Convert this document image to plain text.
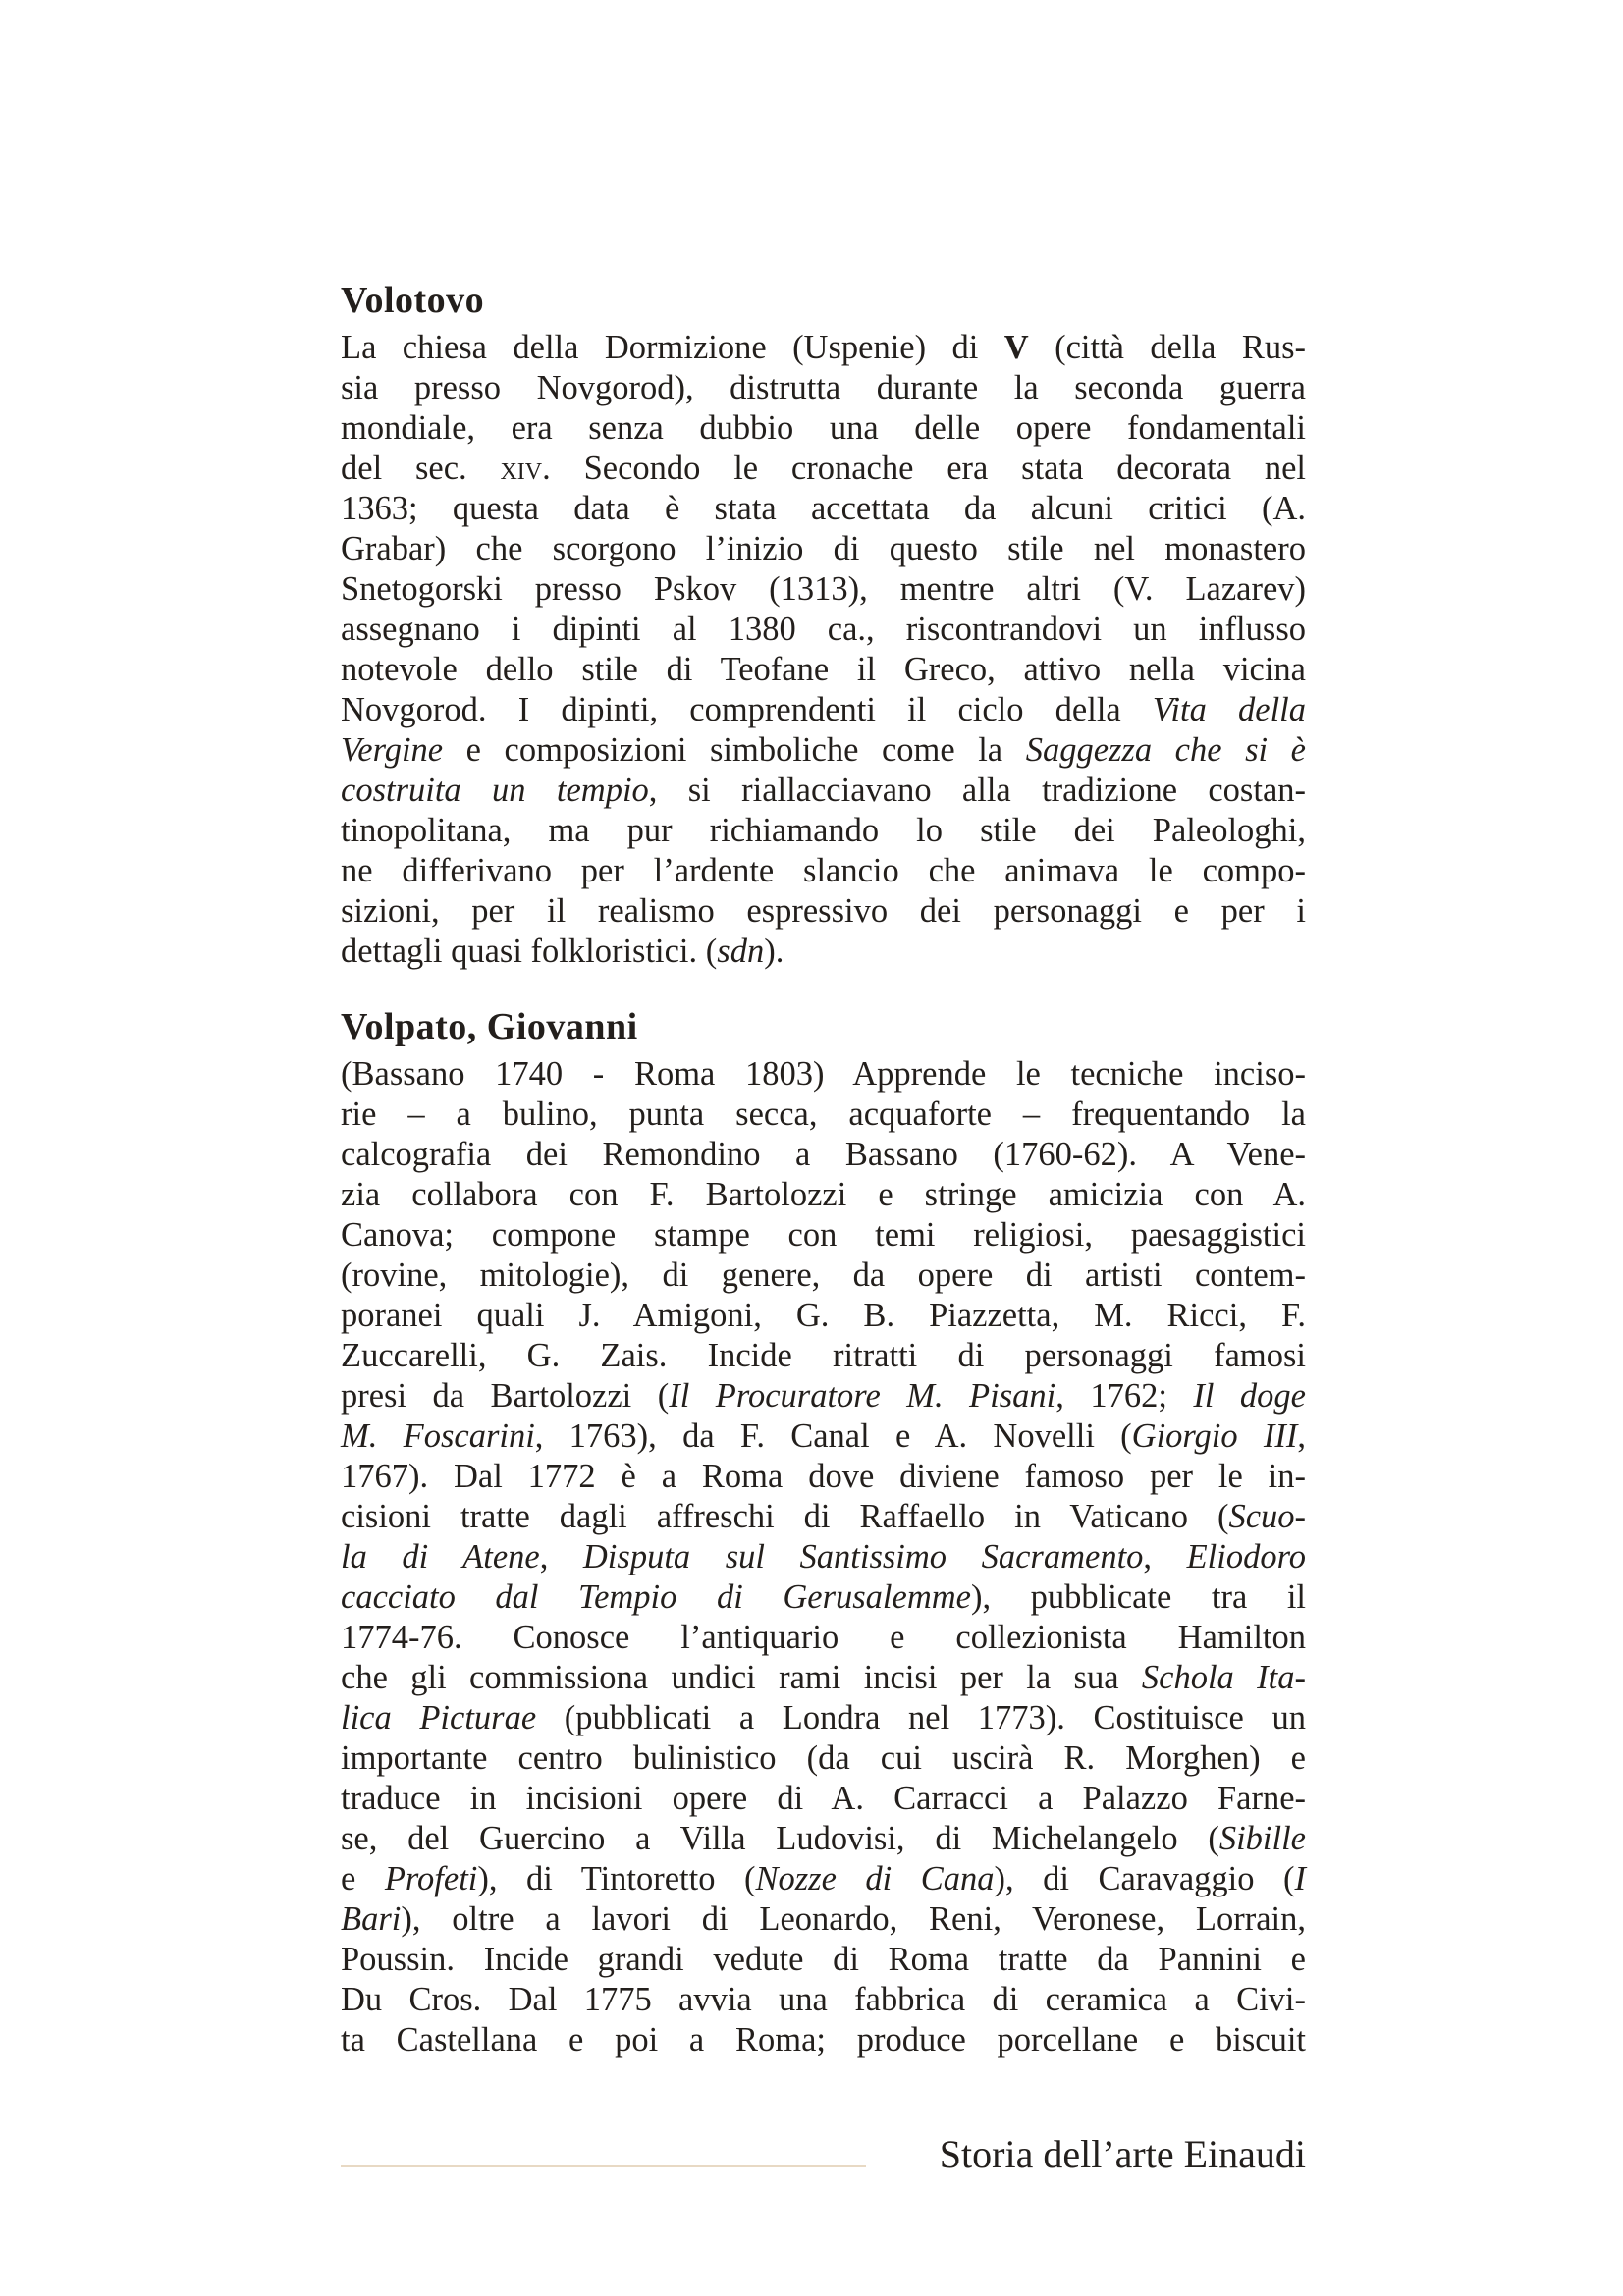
Volotovo
La chiesa della Dormizione (Uspenie) di V (città della Rus-
sia presso Novgorod), distrutta durante la seconda guerra
mondiale, era senza dubbio una delle opere fondamentali
del sec. xiv. Secondo le cronache era stata decorata nel
1363; questa data è stata accettata da alcuni critici (A.
Grabar) che scorgono l’inizio di questo stile nel monastero
Snetogorski presso Pskov (1313), mentre altri (V. Lazarev)
assegnano i dipinti al 1380 ca., riscontrandovi un influsso
notevole dello stile di Teofane il Greco, attivo nella vicina
Novgorod. I dipinti, comprendenti il ciclo della Vita della
Vergine e composizioni simboliche come la Saggezza che si è
costruita un tempio, si riallacciavano alla tradizione costan-
tinopolitana, ma pur richiamando lo stile dei Paleologhi,
ne differivano per l’ardente slancio che animava le compo-
sizioni, per il realismo espressivo dei personaggi e per i
dettagli quasi folkloristici. (sdn).
Volpato, Giovanni
(Bassano 1740 - Roma 1803) Apprende le tecniche inciso-
rie – a bulino, punta secca, acquaforte – frequentando la
calcografia dei Remondino a Bassano (1760-62). A Vene-
zia collabora con F. Bartolozzi e stringe amicizia con A.
Canova; compone stampe con temi religiosi, paesaggistici
(rovine, mitologie), di genere, da opere di artisti contem-
poranei quali J. Amigoni, G. B. Piazzetta, M. Ricci, F.
Zuccarelli, G. Zais. Incide ritratti di personaggi famosi
presi da Bartolozzi (Il Procuratore M. Pisani, 1762; Il doge
M. Foscarini, 1763), da F. Canal e A. Novelli (Giorgio III,
1767). Dal 1772 è a Roma dove diviene famoso per le in-
cisioni tratte dagli affreschi di Raffaello in Vaticano (Scuo-
la di Atene, Disputa sul Santissimo Sacramento, Eliodoro
cacciato dal Tempio di Gerusalemme), pubblicate tra il
1774-76. Conosce l’antiquario e collezionista Hamilton
che gli commissiona undici rami incisi per la sua Schola Ita-
lica Picturae (pubblicati a Londra nel 1773). Costituisce un
importante centro bulinistico (da cui uscirà R. Morghen) e
traduce in incisioni opere di A. Carracci a Palazzo Farne-
se, del Guercino a Villa Ludovisi, di Michelangelo (Sibille
e Profeti), di Tintoretto (Nozze di Cana), di Caravaggio (I
Bari), oltre a lavori di Leonardo, Reni, Veronese, Lorrain,
Poussin. Incide grandi vedute di Roma tratte da Pannini e
Du Cros. Dal 1775 avvia una fabbrica di ceramica a Civi-
ta Castellana e poi a Roma; produce porcellane e biscuit
Storia dell’arte Einaudi
